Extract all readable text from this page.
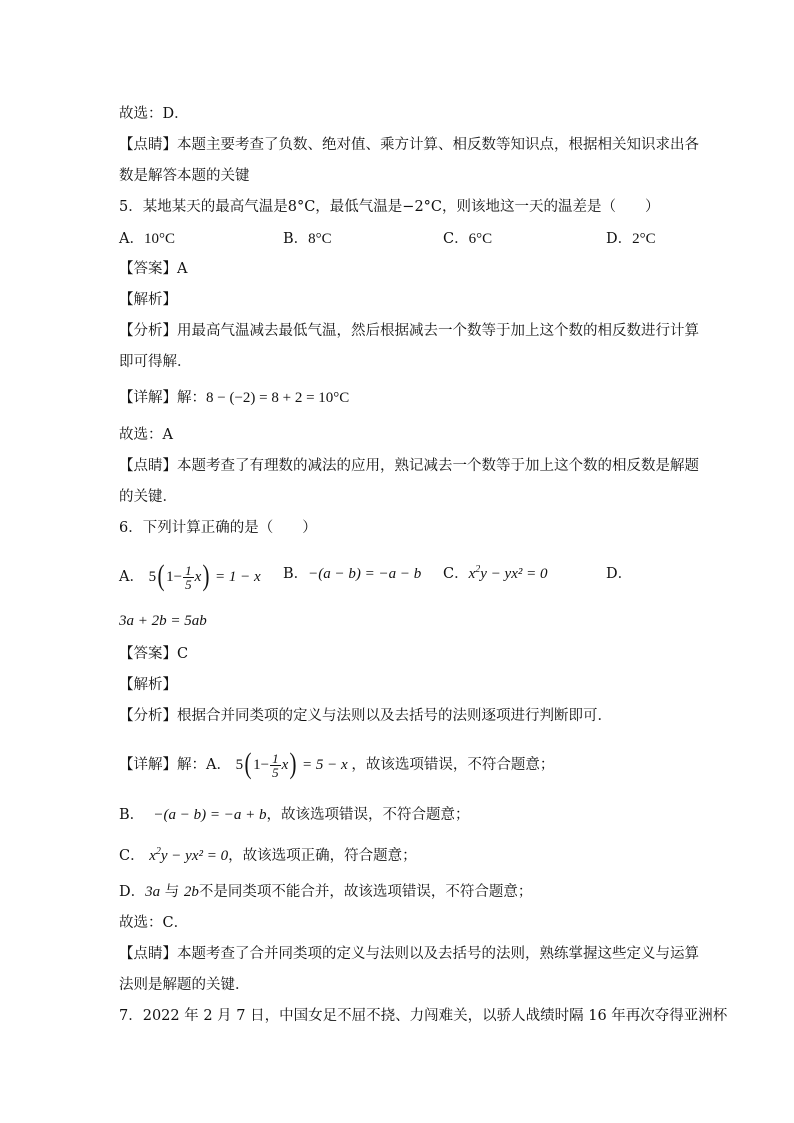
故选：D．
【点睛】本题主要考查了负数、绝对值、乘方计算、相反数等知识点，根据相关知识求出各
数是解答本题的关键
5．某地某天的最高气温是8°C，最低气温是−2°C，则该地这一天的温差是（　　）
A．10°C	B．8°C	C．6°C	D．2°C
【答案】A
【解析】
【分析】用最高气温减去最低气温，然后根据减去一个数等于加上这个数的相反数进行计算
即可得解．
【详解】解：8 − (−2) = 8 + 2 = 10°C
故选：A
【点睛】本题考查了有理数的减法的应用，熟记减去一个数等于加上这个数的相反数是解题
的关键．
6．下列计算正确的是（　　）
A． 5( $1- \frac{1}{5} x) = 1 - x$ B．−(a − b) = −a − b C．$x^2y - yx^2 = 0$	D．
3a + 2b = 5ab
【答案】C
【解析】
【分析】根据合并同类项的定义与法则以及去括号的法则逐项进行判断即可．
【详解】解：A． 5( $1- \frac{1}{5} x) = 5 - x$ ，故该选项错误，不符合题意；
B． −(a − b) = −a + b，故该选项错误，不符合题意；
C． $x^2y - yx^2 = 0$，故该选项正确，符合题意；
D．3a 与 2b不是同类项不能合并，故该选项错误，不符合题意；
故选：C．
【点睛】本题考查了合并同类项的定义与法则以及去括号的法则，熟练掌握这些定义与运算
法则是解题的关键．
7．2022 年 2 月 7 日，中国女足不屈不挠、力闯难关，以骄人战绩时隔 16 年再次夺得亚洲杯
